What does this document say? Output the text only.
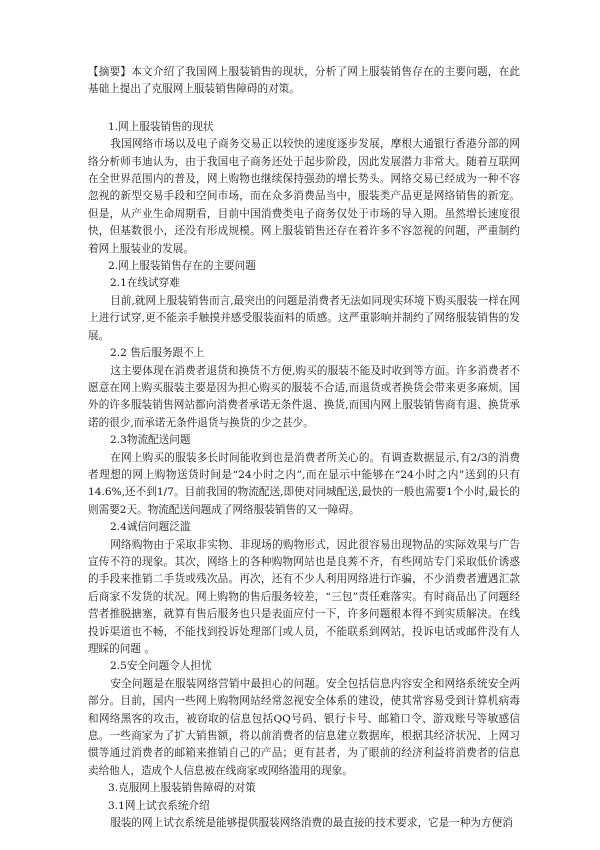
【摘要】本文介绍了我国网上服装销售的现状，分析了网上服装销售存在的主要问题，在此基础上提出了克服网上服装销售障碍的对策。

1.网上服装销售的现状

我国网络市场以及电子商务交易正以较快的速度逐步发展，摩根大通银行香港分部的网络分析师韦迪认为，由于我国电子商务还处于起步阶段，因此发展潜力非常大。随着互联网在全世界范围内的普及，网上购物也继续保持强劲的增长势头。网络交易已经成为一种不容忽视的新型交易手段和空间市场，而在众多消费品当中，服装类产品更是网络销售的新宠。但是，从产业生命周期看，目前中国消费类电子商务仅处于市场的导入期。虽然增长速度很快，但基数很小，还没有形成规模。网上服装销售还存在着许多不容忽视的问题，严重制约着网上服装业的发展。

2.网上服装销售存在的主要问题

2.1在线试穿难

目前,就网上服装销售而言,最突出的问题是消费者无法如同现实环境下购买服装一样在网上进行试穿,更不能亲手触摸并感受服装面料的质感。这严重影响并制约了网络服装销售的发展。

2.2 售后服务跟不上

这主要体现在消费者退货和换货不方便,购买的服装不能及时收到等方面。许多消费者不愿意在网上购买服装主要是因为担心购买的服装不合适,而退货或者换货会带来更多麻烦。国外的许多服装销售网站都向消费者承诺无条件退、换货,而国内网上服装销售商有退、换货承诺的很少,而承诺无条件退货与换货的少之甚少。

2.3物流配送问题

在网上购买的服装多长时间能收到也是消费者所关心的。有调查数据显示,有2/3的消费者理想的网上购物送货时间是“24小时之内”,而在显示中能够在“24小时之内”送到的只有14.6%,还不到1/7。目前我国的物流配送,即使对同城配送,最快的一般也需要1个小时,最长的则需要2天。物流配送问题成了网络服装销售的又一障碍。

2.4诚信问题泛滥

网络购物由于采取非实物、非现场的购物形式，因此很容易出现物品的实际效果与广告宣传不符的现象。其次，网络上的各种购物网站也是良莠不齐，有些网站专门采取低价诱惑的手段来推销二手货或残次品。再次，还有不少人利用网络进行诈骗，不少消费者遭遇汇款后商家不发货的状况。网上购物的售后服务较差，“三包”责任难落实。有时商品出了问题经营者推脱搪塞，就算有售后服务也只是表面应付一下，许多问题根本得不到实质解决。在线投诉渠道也不畅，不能找到投诉处理部门或人员，不能联系到网站，投诉电话或邮件没有人理睬的问题 。

2.5安全问题令人担忧

安全问题是在服装网络营销中最担心的问题。安全包括信息内容安全和网络系统安全两部分。目前，国内一些网上购物网站经常忽视安全体系的建设，使其常容易受到计算机病毒和网络黑客的攻击，被窃取的信息包括QQ号码、银行卡号、邮箱口令、游戏账号等敏感信息。一些商家为了扩大销售额，将以前消费者的信息建立数据库，根据其经济状况、上网习惯等通过消费者的邮箱来推销自己的产品；更有甚者，为了眼前的经济利益将消费者的信息卖给他人，造成个人信息被在线商家或网络滥用的现象。

3.克服网上服装销售障碍的对策

3.1网上试衣系统介绍

服装的网上试衣系统是能够提供服装网络消费的最直接的技术要求，它是一种为方便消
